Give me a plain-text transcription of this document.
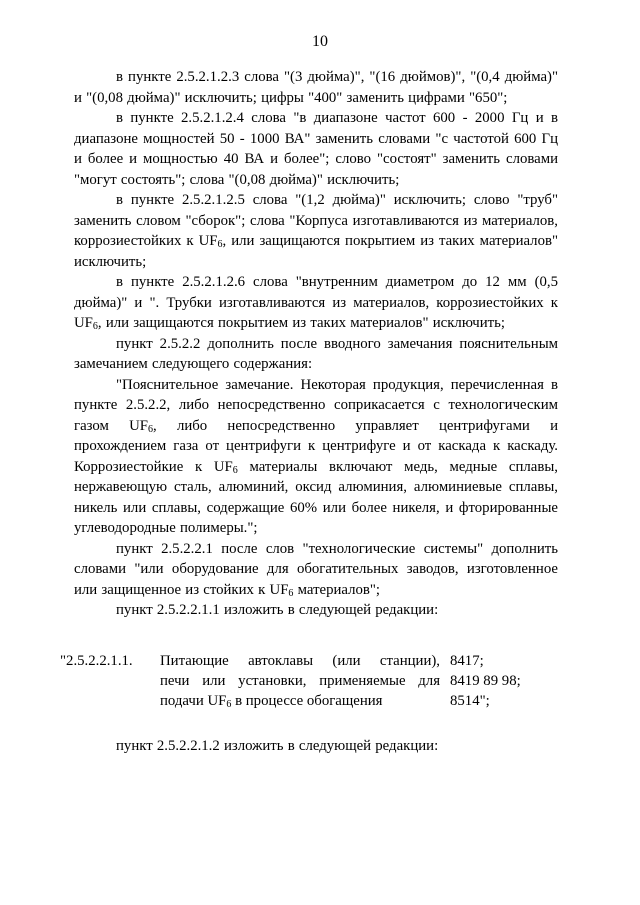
10

в пункте 2.5.2.1.2.3 слова "(3 дюйма)", "(16 дюймов)", "(0,4 дюйма)" и "(0,08 дюйма)" исключить; цифры "400" заменить цифрами "650";

в пункте 2.5.2.1.2.4 слова "в диапазоне частот 600 - 2000 Гц и в диапазоне мощностей 50 - 1000 ВА" заменить словами "с частотой 600 Гц и более и мощностью 40 ВА и более"; слово "состоят" заменить словами "могут состоять"; слова "(0,08 дюйма)" исключить;

в пункте 2.5.2.1.2.5 слова "(1,2 дюйма)" исключить; слово "труб" заменить словом "сборок"; слова "Корпуса изготавливаются из материалов, коррозиестойких к $UF_6$, или защищаются покрытием из таких материалов" исключить;

в пункте 2.5.2.1.2.6 слова "внутренним диаметром до 12 мм (0,5 дюйма)" и ". Трубки изготавливаются из материалов, коррозиестойких к $UF_6$, или защищаются покрытием из таких материалов" исключить;

пункт 2.5.2.2 дополнить после вводного замечания пояснительным замечанием следующего содержания:

"Пояснительное замечание. Некоторая продукция, перечисленная в пункте 2.5.2.2, либо непосредственно соприкасается с технологическим газом $UF_6$, либо непосредственно управляет центрифугами и прохождением газа от центрифуги к центрифуге и от каскада к каскаду. Коррозиестойкие к $UF_6$ материалы включают медь, медные сплавы, нержавеющую сталь, алюминий, оксид алюминия, алюминиевые сплавы, никель или сплавы, содержащие 60% или более никеля, и фторированные углеводородные полимеры.";

пункт 2.5.2.2.1 после слов "технологические системы" дополнить словами "или оборудование для обогатительных заводов, изготовленное или защищенное из стойких к $UF_6$ материалов";

пункт 2.5.2.2.1.1 изложить в следующей редакции:

"2.5.2.2.1.1.	Питающие автоклавы (или станции), 8417;
печи или установки, применяемые для 8419 89 98;
подачи $UF_6$ в процессе обогащения	8514";

пункт 2.5.2.2.1.2 изложить в следующей редакции:
